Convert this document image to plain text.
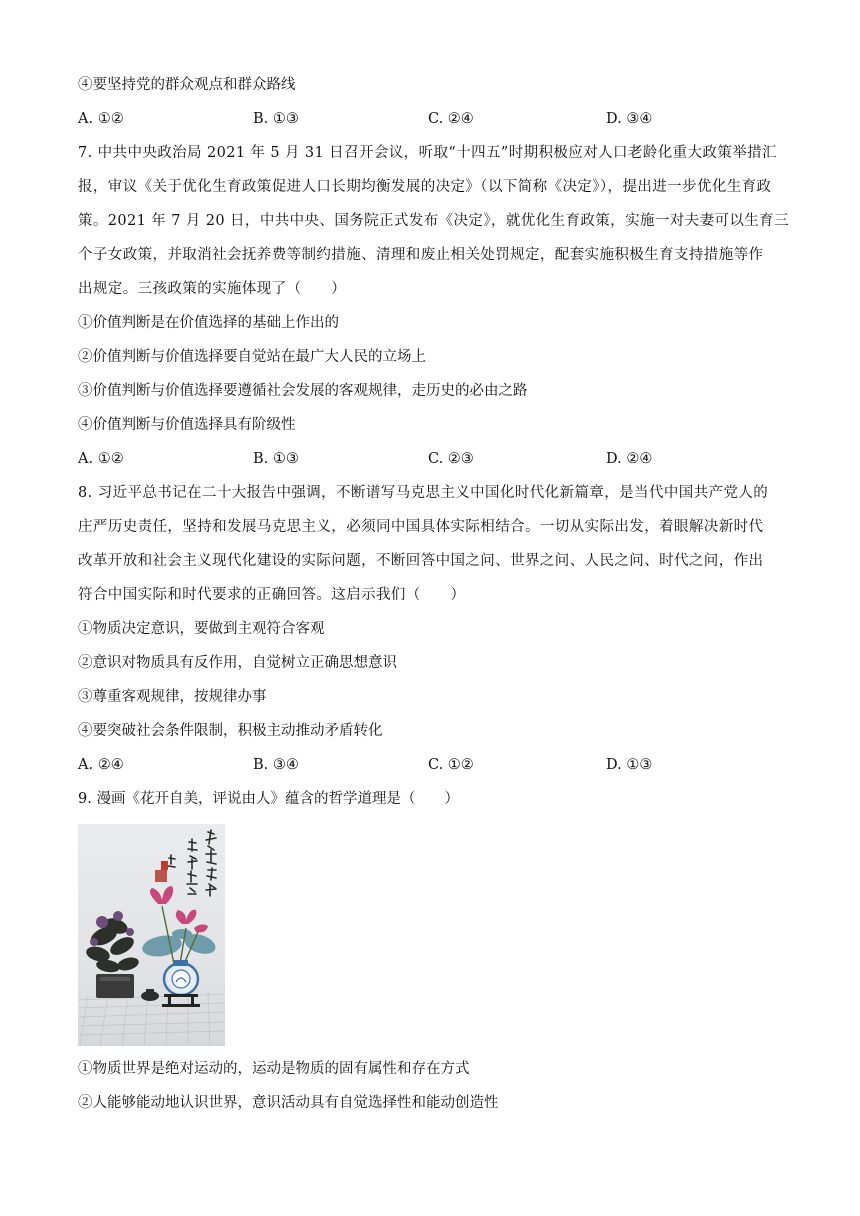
④要坚持党的群众观点和群众路线
A. ①②	B. ①③	C. ②④	D. ③④
7. 中共中央政治局 2021 年 5 月 31 日召开会议，听取“十四五”时期积极应对人口老龄化重大政策举措汇
报，审议《关于优化生育政策促进人口长期均衡发展的决定》（以下简称《决定》），提出进一步优化生育政
策。2021 年 7 月 20 日，中共中央、国务院正式发布《决定》，就优化生育政策，实施一对夫妻可以生育三
个子女政策，并取消社会抚养费等制约措施、清理和废止相关处罚规定，配套实施积极生育支持措施等作
出规定。三孩政策的实施体现了（　　）
①价值判断是在价值选择的基础上作出的
②价值判断与价值选择要自觉站在最广大人民的立场上
③价值判断与价值选择要遵循社会发展的客观规律，走历史的必由之路
④价值判断与价值选择具有阶级性
A. ①②	B. ①③	C. ②③	D. ②④
8. 习近平总书记在二十大报告中强调，不断谱写马克思主义中国化时代化新篇章，是当代中国共产党人的
庄严历史责任，坚持和发展马克思主义，必须同中国具体实际相结合。一切从实际出发，着眼解决新时代
改革开放和社会主义现代化建设的实际问题，不断回答中国之问、世界之问、人民之问、时代之问，作出
符合中国实际和时代要求的正确回答。这启示我们（　　）
①物质决定意识，要做到主观符合客观
②意识对物质具有反作用，自觉树立正确思想意识
③尊重客观规律，按规律办事
④要突破社会条件限制，积极主动推动矛盾转化
A. ②④	B. ③④	C. ①②	D. ①③
9. 漫画《花开自美，评说由人》蕴含的哲学道理是（　　）
①物质世界是绝对运动的，运动是物质的固有属性和存在方式
②人能够能动地认识世界，意识活动具有自觉选择性和能动创造性
